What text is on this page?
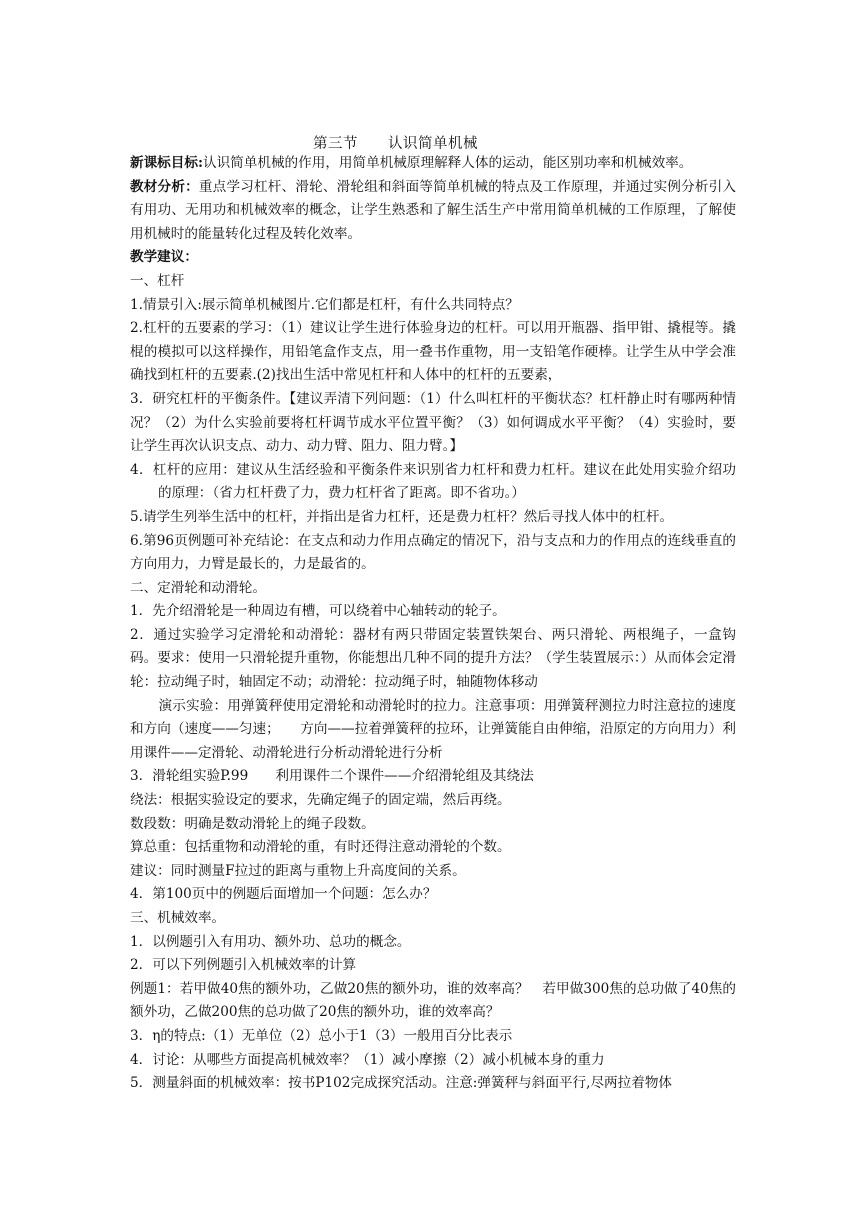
第三节　　认识简单机械

新课标目标:认识简单机械的作用，用简单机械原理解释人体的运动，能区别功率和机械效率。

教材分析：重点学习杠杆、滑轮、滑轮组和斜面等简单机械的特点及工作原理，并通过实例分析引入有用功、无用功和机械效率的概念，让学生熟悉和了解生活生产中常用简单机械的工作原理，了解使用机械时的能量转化过程及转化效率。

教学建议：

一、杠杆

1.情景引入:展示简单机械图片.它们都是杠杆，有什么共同特点？

2.杠杆的五要素的学习：（1）建议让学生进行体验身边的杠杆。可以用开瓶器、指甲钳、撬棍等。撬棍的模拟可以这样操作，用铅笔盒作支点，用一叠书作重物，用一支铅笔作硬棒。让学生从中学会准确找到杠杆的五要素.(2)找出生活中常见杠杆和人体中的杠杆的五要素，

3．研究杠杆的平衡条件。【建议弄清下列问题：（1）什么叫杠杆的平衡状态？杠杆静止时有哪两种情况？（2）为什么实验前要将杠杆调节成水平位置平衡？（3）如何调成水平平衡？（4）实验时，要让学生再次认识支点、动力、动力臂、阻力、阻力臂。】

4．杠杆的应用：建议从生活经验和平衡条件来识别省力杠杆和费力杠杆。建议在此处用实验介绍功的原理：（省力杠杆费了力，费力杠杆省了距离。即不省功。）

5.请学生列举生活中的杠杆，并指出是省力杠杆，还是费力杠杆？然后寻找人体中的杠杆。

6.第96页例题可补充结论：在支点和动力作用点确定的情况下，沿与支点和力的作用点的连线垂直的方向用力，力臂是最长的，力是最省的。

二、定滑轮和动滑轮。

1．先介绍滑轮是一种周边有槽，可以绕着中心轴转动的轮子。

2．通过实验学习定滑轮和动滑轮：器材有两只带固定装置铁架台、两只滑轮、两根绳子，一盒钩码。要求：使用一只滑轮提升重物，你能想出几种不同的提升方法？（学生装置展示：）从而体会定滑轮：拉动绳子时，轴固定不动；动滑轮：拉动绳子时，轴随物体移动

演示实验：用弹簧秤使用定滑轮和动滑轮时的拉力。注意事项：用弹簧秤测拉力时注意拉的速度和方向（速度——匀速；　　方向——拉着弹簧秤的拉环，让弹簧能自由伸缩，沿原定的方向用力）利用课件——定滑轮、动滑轮进行分析动滑轮进行分析

3．滑轮组实验P.99　　利用课件二个课件——介绍滑轮组及其绕法

绕法：根据实验设定的要求，先确定绳子的固定端，然后再绕。

数段数：明确是数动滑轮上的绳子段数。

算总重：包括重物和动滑轮的重，有时还得注意动滑轮的个数。

建议：同时测量F拉过的距离与重物上升高度间的关系。

4．第100页中的例题后面增加一个问题：怎么办？

三、机械效率。

1．以例题引入有用功、额外功、总功的概念。

2．可以下列例题引入机械效率的计算

例题1：若甲做40焦的额外功，乙做20焦的额外功，谁的效率高？　若甲做300焦的总功做了40焦的额外功，乙做200焦的总功做了20焦的额外功，谁的效率高？

3．η的特点:（1）无单位（2）总小于1（3）一般用百分比表示

4．讨论：从哪些方面提高机械效率？（1）减小摩擦（2）减小机械本身的重力

5．测量斜面的机械效率：按书P102完成探究活动。注意:弹簧秤与斜面平行,尽两拉着物体
